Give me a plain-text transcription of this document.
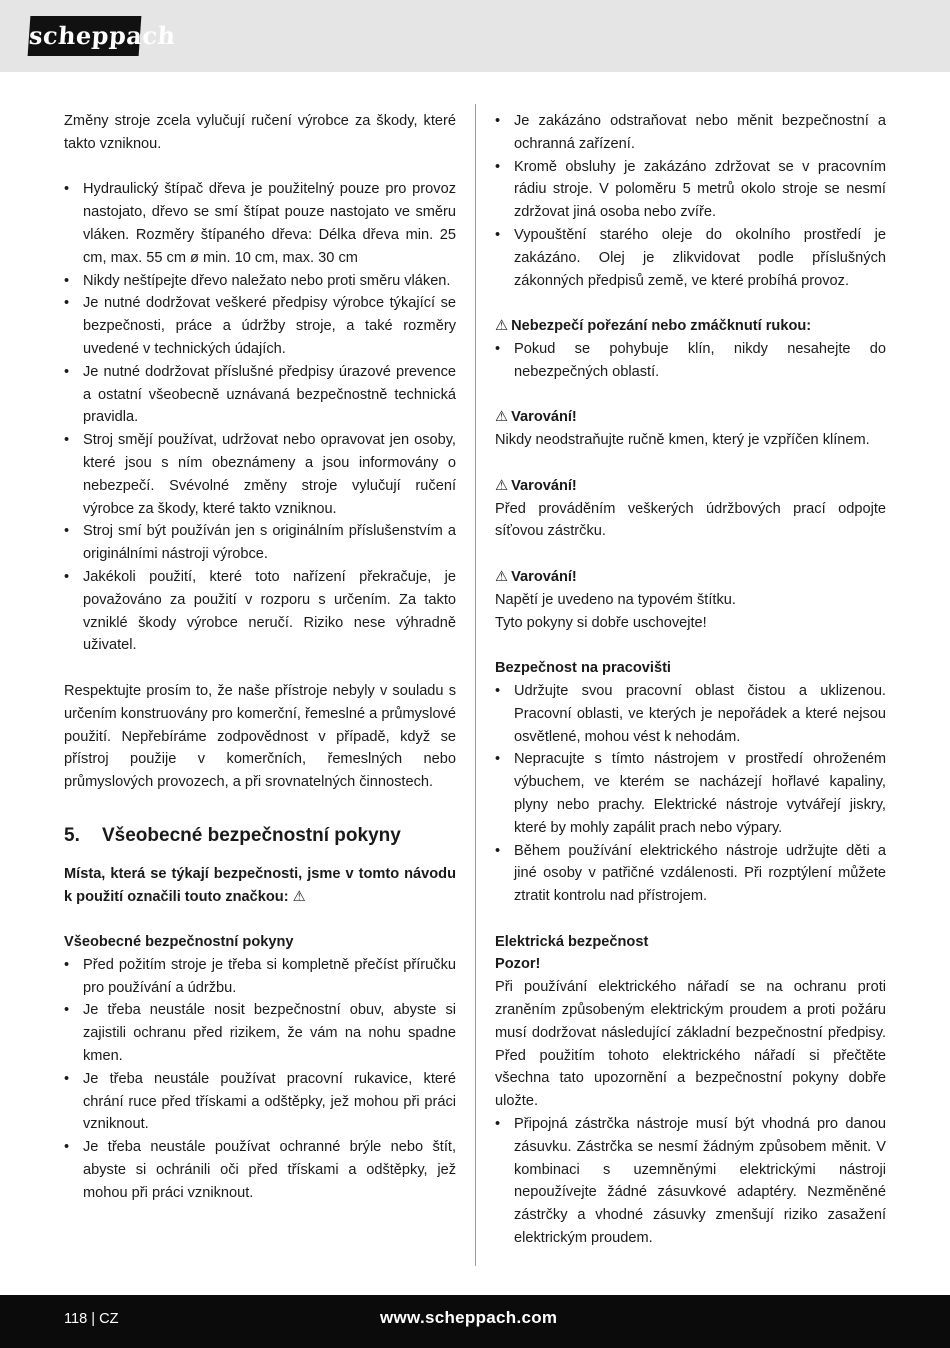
scheppach

Změny stroje zcela vylučují ručení výrobce za škody, které takto vzniknou.

• Hydraulický štípač dřeva je použitelný pouze pro provoz nastojato, dřevo se smí štípat pouze nastojato ve směru vláken. Rozměry štípaného dřeva: Délka dřeva min. 25 cm, max. 55 cm ø min. 10 cm, max. 30 cm
• Nikdy neštípejte dřevo naležato nebo proti směru vláken.
• Je nutné dodržovat veškeré předpisy výrobce týkající se bezpečnosti, práce a údržby stroje, a také rozměry uvedené v technických údajích.
• Je nutné dodržovat příslušné předpisy úrazové prevence a ostatní všeobecně uznávaná bezpečnostně technická pravidla.
• Stroj smějí používat, udržovat nebo opravovat jen osoby, které jsou s ním obeznámeny a jsou informovány o nebezpečí. Svévolné změny stroje vylučují ručení výrobce za škody, které takto vzniknou.
• Stroj smí být používán jen s originálním příslušenstvím a originálními nástroji výrobce.
• Jakékoli použití, které toto nařízení překračuje, je považováno za použití v rozporu s určením. Za takto vzniklé škody výrobce neručí. Riziko nese výhradně uživatel.

Respektujte prosím to, že naše přístroje nebyly v souladu s určením konstruovány pro komerční, řemeslné a průmyslové použití. Nepřebíráme zodpovědnost v případě, když se přístroj použije v komerčních, řemeslných nebo průmyslových provozech, a při srovnatelných činnostech.

5. Všeobecné bezpečnostní pokyny

Místa, která se týkají bezpečnosti, jsme v tomto návodu k použití označili touto značkou: ⚠

Všeobecné bezpečnostní pokyny

• Před požitím stroje je třeba si kompletně přečíst příručku pro používání a údržbu.
• Je třeba neustále nosit bezpečnostní obuv, abyste si zajistili ochranu před rizikem, že vám na nohu spadne kmen.
• Je třeba neustále používat pracovní rukavice, které chrání ruce před třískami a odštěpky, jež mohou při práci vzniknout.
• Je třeba neustále používat ochranné brýle nebo štít, abyste si ochránili oči před třískami a odštěpky, jež mohou při práci vzniknout.
• Je zakázáno odstraňovat nebo měnit bezpečnostní a ochranná zařízení.
• Kromě obsluhy je zakázáno zdržovat se v pracovním rádiu stroje. V poloměru 5 metrů okolo stroje se nesmí zdržovat jiná osoba nebo zvíře.
• Vypouštění starého oleje do okolního prostředí je zakázáno. Olej je zlikvidovat podle příslušných zákonných předpisů země, ve které probíhá provoz.

⚠ Nebezpečí pořezání nebo zmáčknutí rukou:

• Pokud se pohybuje klín, nikdy nesahejte do nebezpečných oblastí.

⚠ Varování!

Nikdy neodstraňujte ručně kmen, který je vzpříčen klínem.

⚠ Varování!

Před prováděním veškerých údržbových prací odpojte síťovou zástrčku.

⚠ Varování!

Napětí je uvedeno na typovém štítku.

Tyto pokyny si dobře uschovejte!

Bezpečnost na pracovišti

• Udržujte svou pracovní oblast čistou a uklizenou. Pracovní oblasti, ve kterých je nepořádek a které nejsou osvětlené, mohou vést k nehodám.
• Nepracujte s tímto nástrojem v prostředí ohroženém výbuchem, ve kterém se nacházejí hořlavé kapaliny, plyny nebo prachy. Elektrické nástroje vytvářejí jiskry, které by mohly zapálit prach nebo výpary.
• Během používání elektrického nástroje udržujte děti a jiné osoby v patřičné vzdálenosti. Při rozptýlení můžete ztratit kontrolu nad přístrojem.

Elektrická bezpečnost

Pozor!

Při používání elektrického nářadí se na ochranu proti zraněním způsobeným elektrickým proudem a proti požáru musí dodržovat následující základní bezpečnostní předpisy. Před použitím tohoto elektrického nářadí si přečtěte všechna tato upozornění a bezpečnostní pokyny dobře uložte.

• Připojná zástrčka nástroje musí být vhodná pro danou zásuvku. Zástrčka se nesmí žádným způsobem měnit. V kombinaci s uzemněnými elektrickými nástroji nepoužívejte žádné zásuvkové adaptéry. Nezměněné zástrčky a vhodné zásuvky zmenšují riziko zasažení elektrickým proudem.
118 | CZ	www.scheppach.com
